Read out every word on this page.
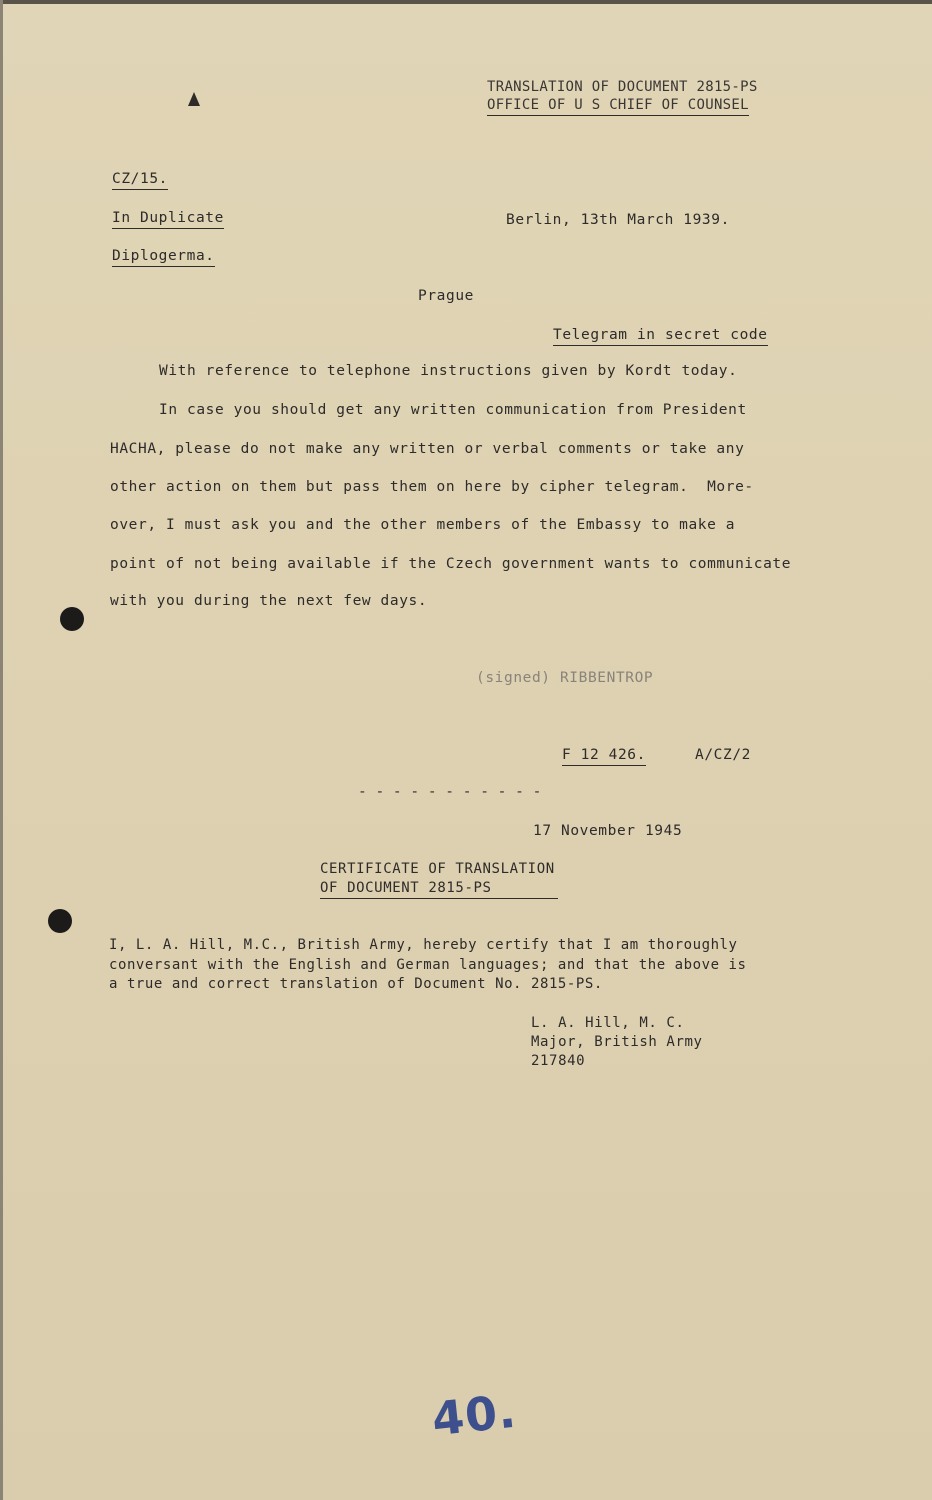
TRANSLATION OF DOCUMENT 2815-PS
OFFICE OF U S CHIEF OF COUNSEL
CZ/15.
In Duplicate	Berlin, 13th March 1939.
Diplogerma.
Prague
Telegram in secret code
With reference to telephone instructions given by Kordt today.
In case you should get any written communication from President
HACHA, please do not make any written or verbal comments or take any
other action on them but pass them on here by cipher telegram.  More-
over, I must ask you and the other members of the Embassy to make a
point of not being available if the Czech government wants to communicate
with you during the next few days.
(signed) RIBBENTROP
F 12 426.	A/CZ/2
- - - - - - - - - - -
17 November 1945
CERTIFICATE OF TRANSLATION
OF DOCUMENT 2815-PS
I, L. A. Hill, M.C., British Army, hereby certify that I am thoroughly
conversant with the English and German languages; and that the above is
a true and correct translation of Document No. 2815-PS.
L. A. Hill, M. C.
Major, British Army
217840
40.
